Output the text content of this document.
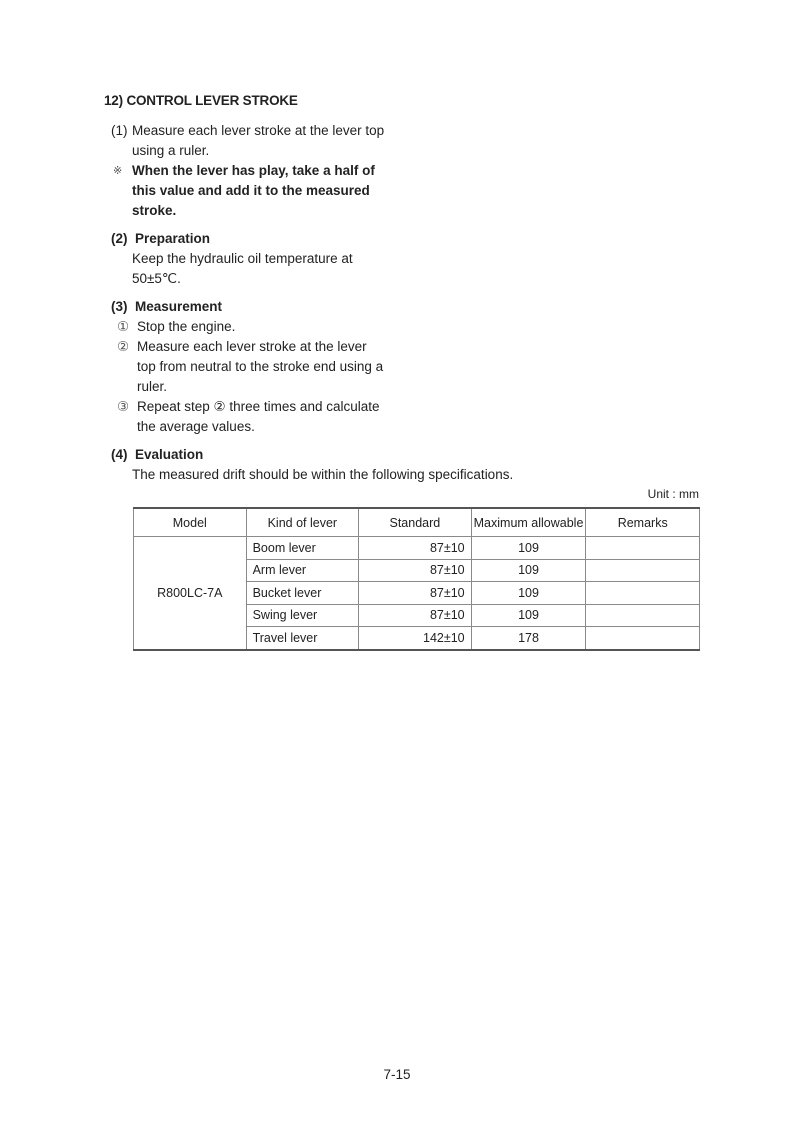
12) CONTROL LEVER STROKE
(1) Measure each lever stroke at the lever top
using a ruler.
※ When the lever has play, take a half of
this value and add it to the measured
stroke.
(2)  Preparation
Keep the hydraulic oil temperature at
50±5℃.
(3)  Measurement
① Stop the engine.
② Measure each lever stroke at the lever
top from neutral to the stroke end using a
ruler.
③ Repeat step ② three times and calculate
the average values.
(4)  Evaluation
The measured drift should be within the following specifications.
Unit : mm
Model	Kind of lever	Standard	Maximum allowable	Remarks
R800LC-7A	Boom lever	87±10	109	
	Arm lever	87±10	109	
	Bucket lever	87±10	109	
	Swing lever	87±10	109	
	Travel lever	142±10	178	
7-15
